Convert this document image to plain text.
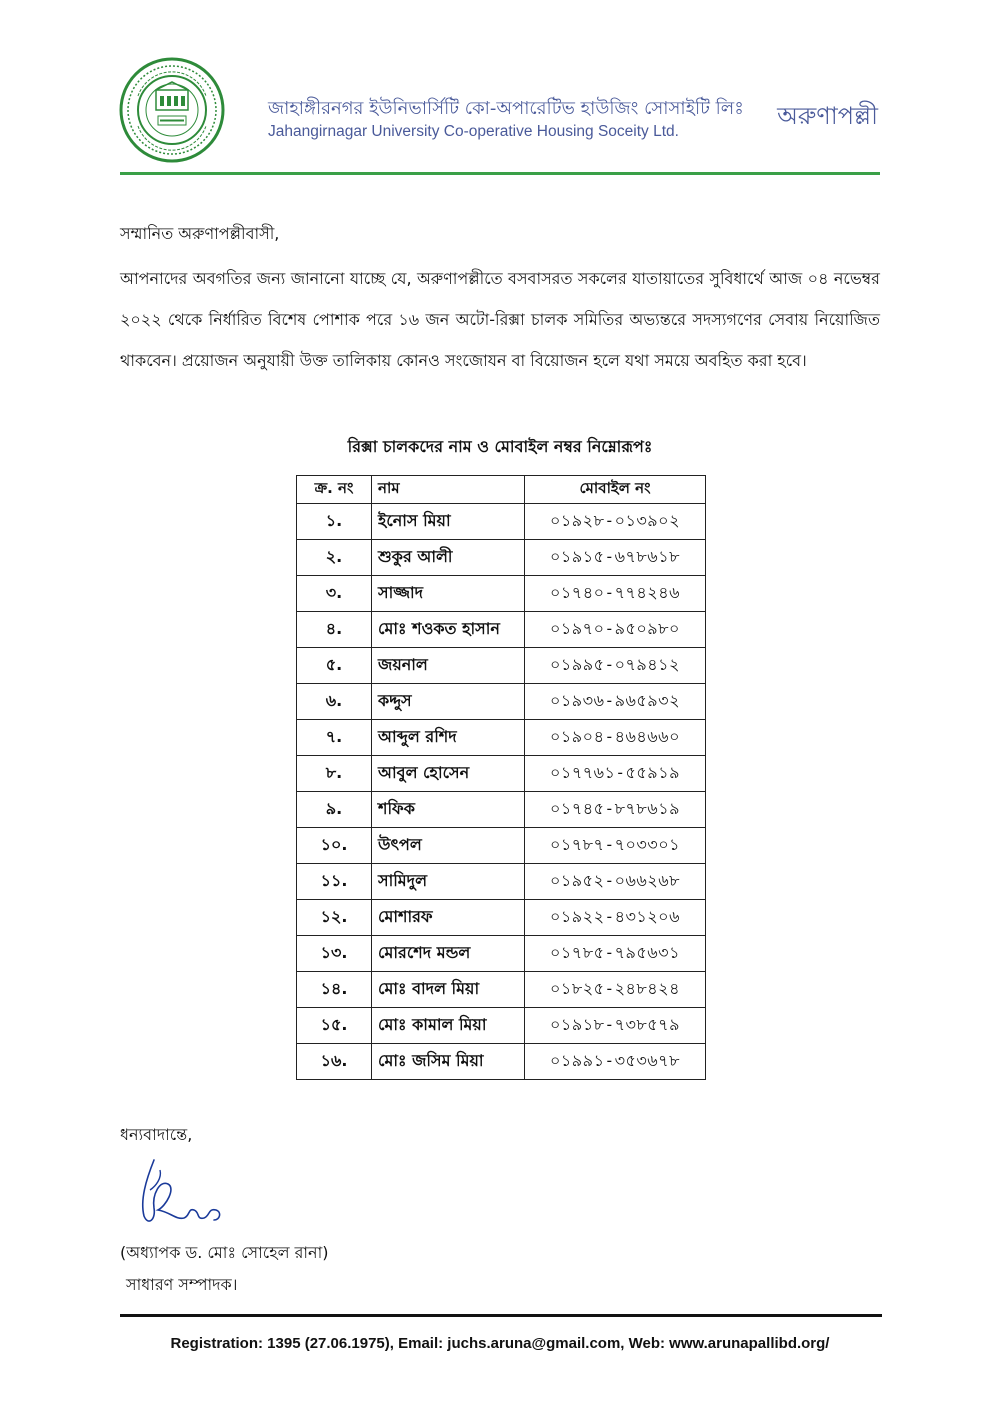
জাহাঙ্গীরনগর ইউনিভার্সিটি কো-অপারেটিভ হাউজিং সোসাইটি লিঃ
Jahangirnagar University Co-operative Housing Soceity Ltd.
অরুণাপল্লী
সম্মানিত অরুণাপল্লীবাসী,
আপনাদের অবগতির জন্য জানানো যাচ্ছে যে, অরুণাপল্লীতে বসবাসরত সকলের যাতায়াতের সুবিধার্থে আজ ০৪ নভেম্বর ২০২২ থেকে নির্ধারিত বিশেষ পোশাক পরে ১৬ জন অটো-রিক্সা চালক সমিতির অভ্যন্তরে সদস্যগণের সেবায় নিয়োজিত থাকবেন। প্রয়োজন অনুযায়ী উক্ত তালিকায় কোনও সংজোযন বা বিয়োজন হলে যথা সময়ে অবহিত করা হবে।
রিক্সা চালকদের নাম ও মোবাইল নম্বর নিম্নোরূপঃ
ক্র. নং	নাম	মোবাইল নং
১.	ইনোস মিয়া	০১৯২৮-০১৩৯০২
২.	শুকুর আলী	০১৯১৫-৬৭৮৬১৮
৩.	সাজ্জাদ	০১৭৪০-৭৭৪২৪৬
৪.	মোঃ শওকত হাসান	০১৯৭০-৯৫০৯৮০
৫.	জয়নাল	০১৯৯৫-০৭৯৪১২
৬.	কদ্দুস	০১৯৩৬-৯৬৫৯৩২
৭.	আব্দুল রশিদ	০১৯০৪-৪৬৪৬৬০
৮.	আবুল হোসেন	০১৭৭৬১-৫৫৯১৯
৯.	শফিক	০১৭৪৫-৮৭৮৬১৯
১০.	উৎপল	০১৭৮৭-৭০৩৩০১
১১.	সামিদুল	০১৯৫২-০৬৬২৬৮
১২.	মোশারফ	০১৯২২-৪৩১২০৬
১৩.	মোরশেদ মন্ডল	০১৭৮৫-৭৯৫৬৩১
১৪.	মোঃ বাদল মিয়া	০১৮২৫-২৪৮৪২৪
১৫.	মোঃ কামাল মিয়া	০১৯১৮-৭৩৮৫৭৯
১৬.	মোঃ জসিম মিয়া	০১৯৯১-৩৫৩৬৭৮
ধন্যবাদান্তে,
(অধ্যাপক ড. মোঃ সোহেল রানা)
সাধারণ সম্পাদক।
Registration: 1395 (27.06.1975), Email: juchs.aruna@gmail.com, Web: www.arunapallibd.org/
